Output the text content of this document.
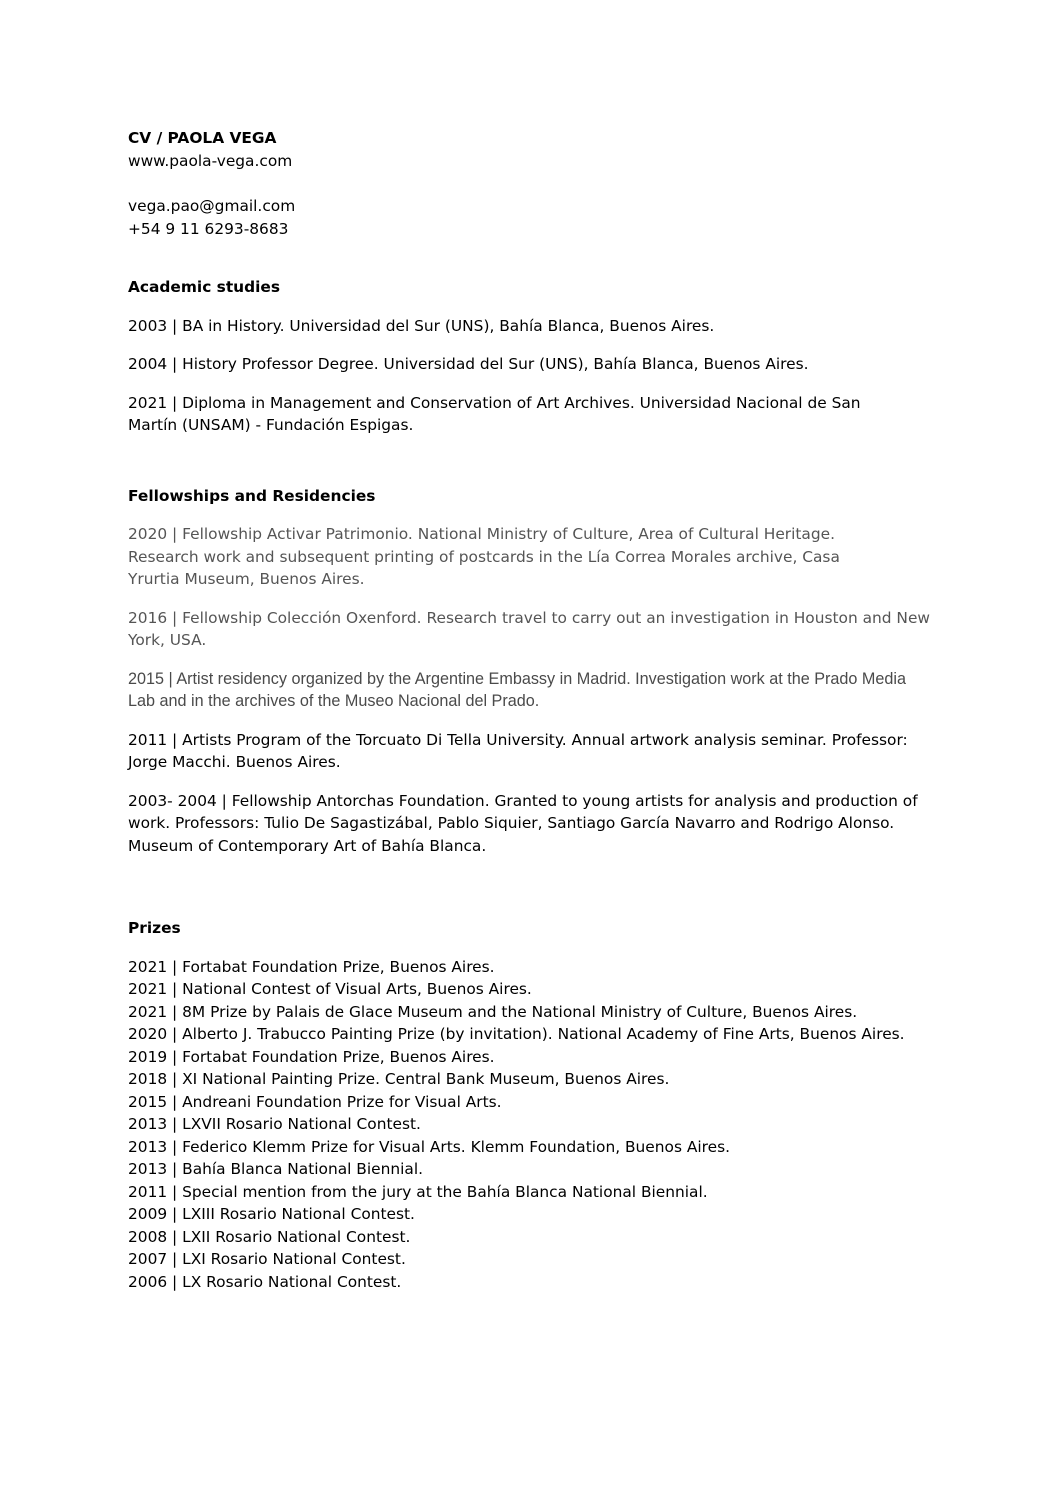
CV / PAOLA VEGA

www.paola-vega.com

vega.pao@gmail.com

+54 9 11 6293-8683

Academic studies

2003 | BA in History. Universidad del Sur (UNS), Bahía Blanca, Buenos Aires.

2004 | History Professor Degree. Universidad del Sur (UNS), Bahía Blanca, Buenos Aires.

2021 | Diploma in Management and Conservation of Art Archives. Universidad Nacional de San Martín (UNSAM) - Fundación Espigas.

Fellowships and Residencies

2020 | Fellowship Activar Patrimonio. National Ministry of Culture, Area of Cultural Heritage. Research work and subsequent printing of postcards in the Lía Correa Morales archive, Casa Yrurtia Museum, Buenos Aires.

2016 | Fellowship Colección Oxenford. Research travel to carry out an investigation in Houston and New York, USA.

2015 | Artist residency organized by the Argentine Embassy in Madrid. Investigation work at the Prado Media Lab and in the archives of the Museo Nacional del Prado.

2011 | Artists Program of the Torcuato Di Tella University. Annual artwork analysis seminar. Professor: Jorge Macchi. Buenos Aires.

2003- 2004 | Fellowship Antorchas Foundation. Granted to young artists for analysis and production of work. Professors: Tulio De Sagastizábal, Pablo Siquier, Santiago García Navarro and Rodrigo Alonso. Museum of Contemporary Art of Bahía Blanca.

Prizes

2021 | Fortabat Foundation Prize, Buenos Aires.

2021 | National Contest of Visual Arts, Buenos Aires.

2021 | 8M Prize by Palais de Glace Museum and the National Ministry of Culture, Buenos Aires.

2020 | Alberto J. Trabucco Painting Prize (by invitation). National Academy of Fine Arts, Buenos Aires.

2019 | Fortabat Foundation Prize, Buenos Aires.

2018 | XI National Painting Prize. Central Bank Museum, Buenos Aires.

2015 | Andreani Foundation Prize for Visual Arts.

2013 | LXVII Rosario National Contest.

2013 | Federico Klemm Prize for Visual Arts. Klemm Foundation, Buenos Aires.

2013 | Bahía Blanca National Biennial.

2011 | Special mention from the jury at the Bahía Blanca National Biennial.

2009 | LXIII Rosario National Contest.

2008 | LXII Rosario National Contest.

2007 | LXI Rosario National Contest.

2006 | LX Rosario National Contest.
